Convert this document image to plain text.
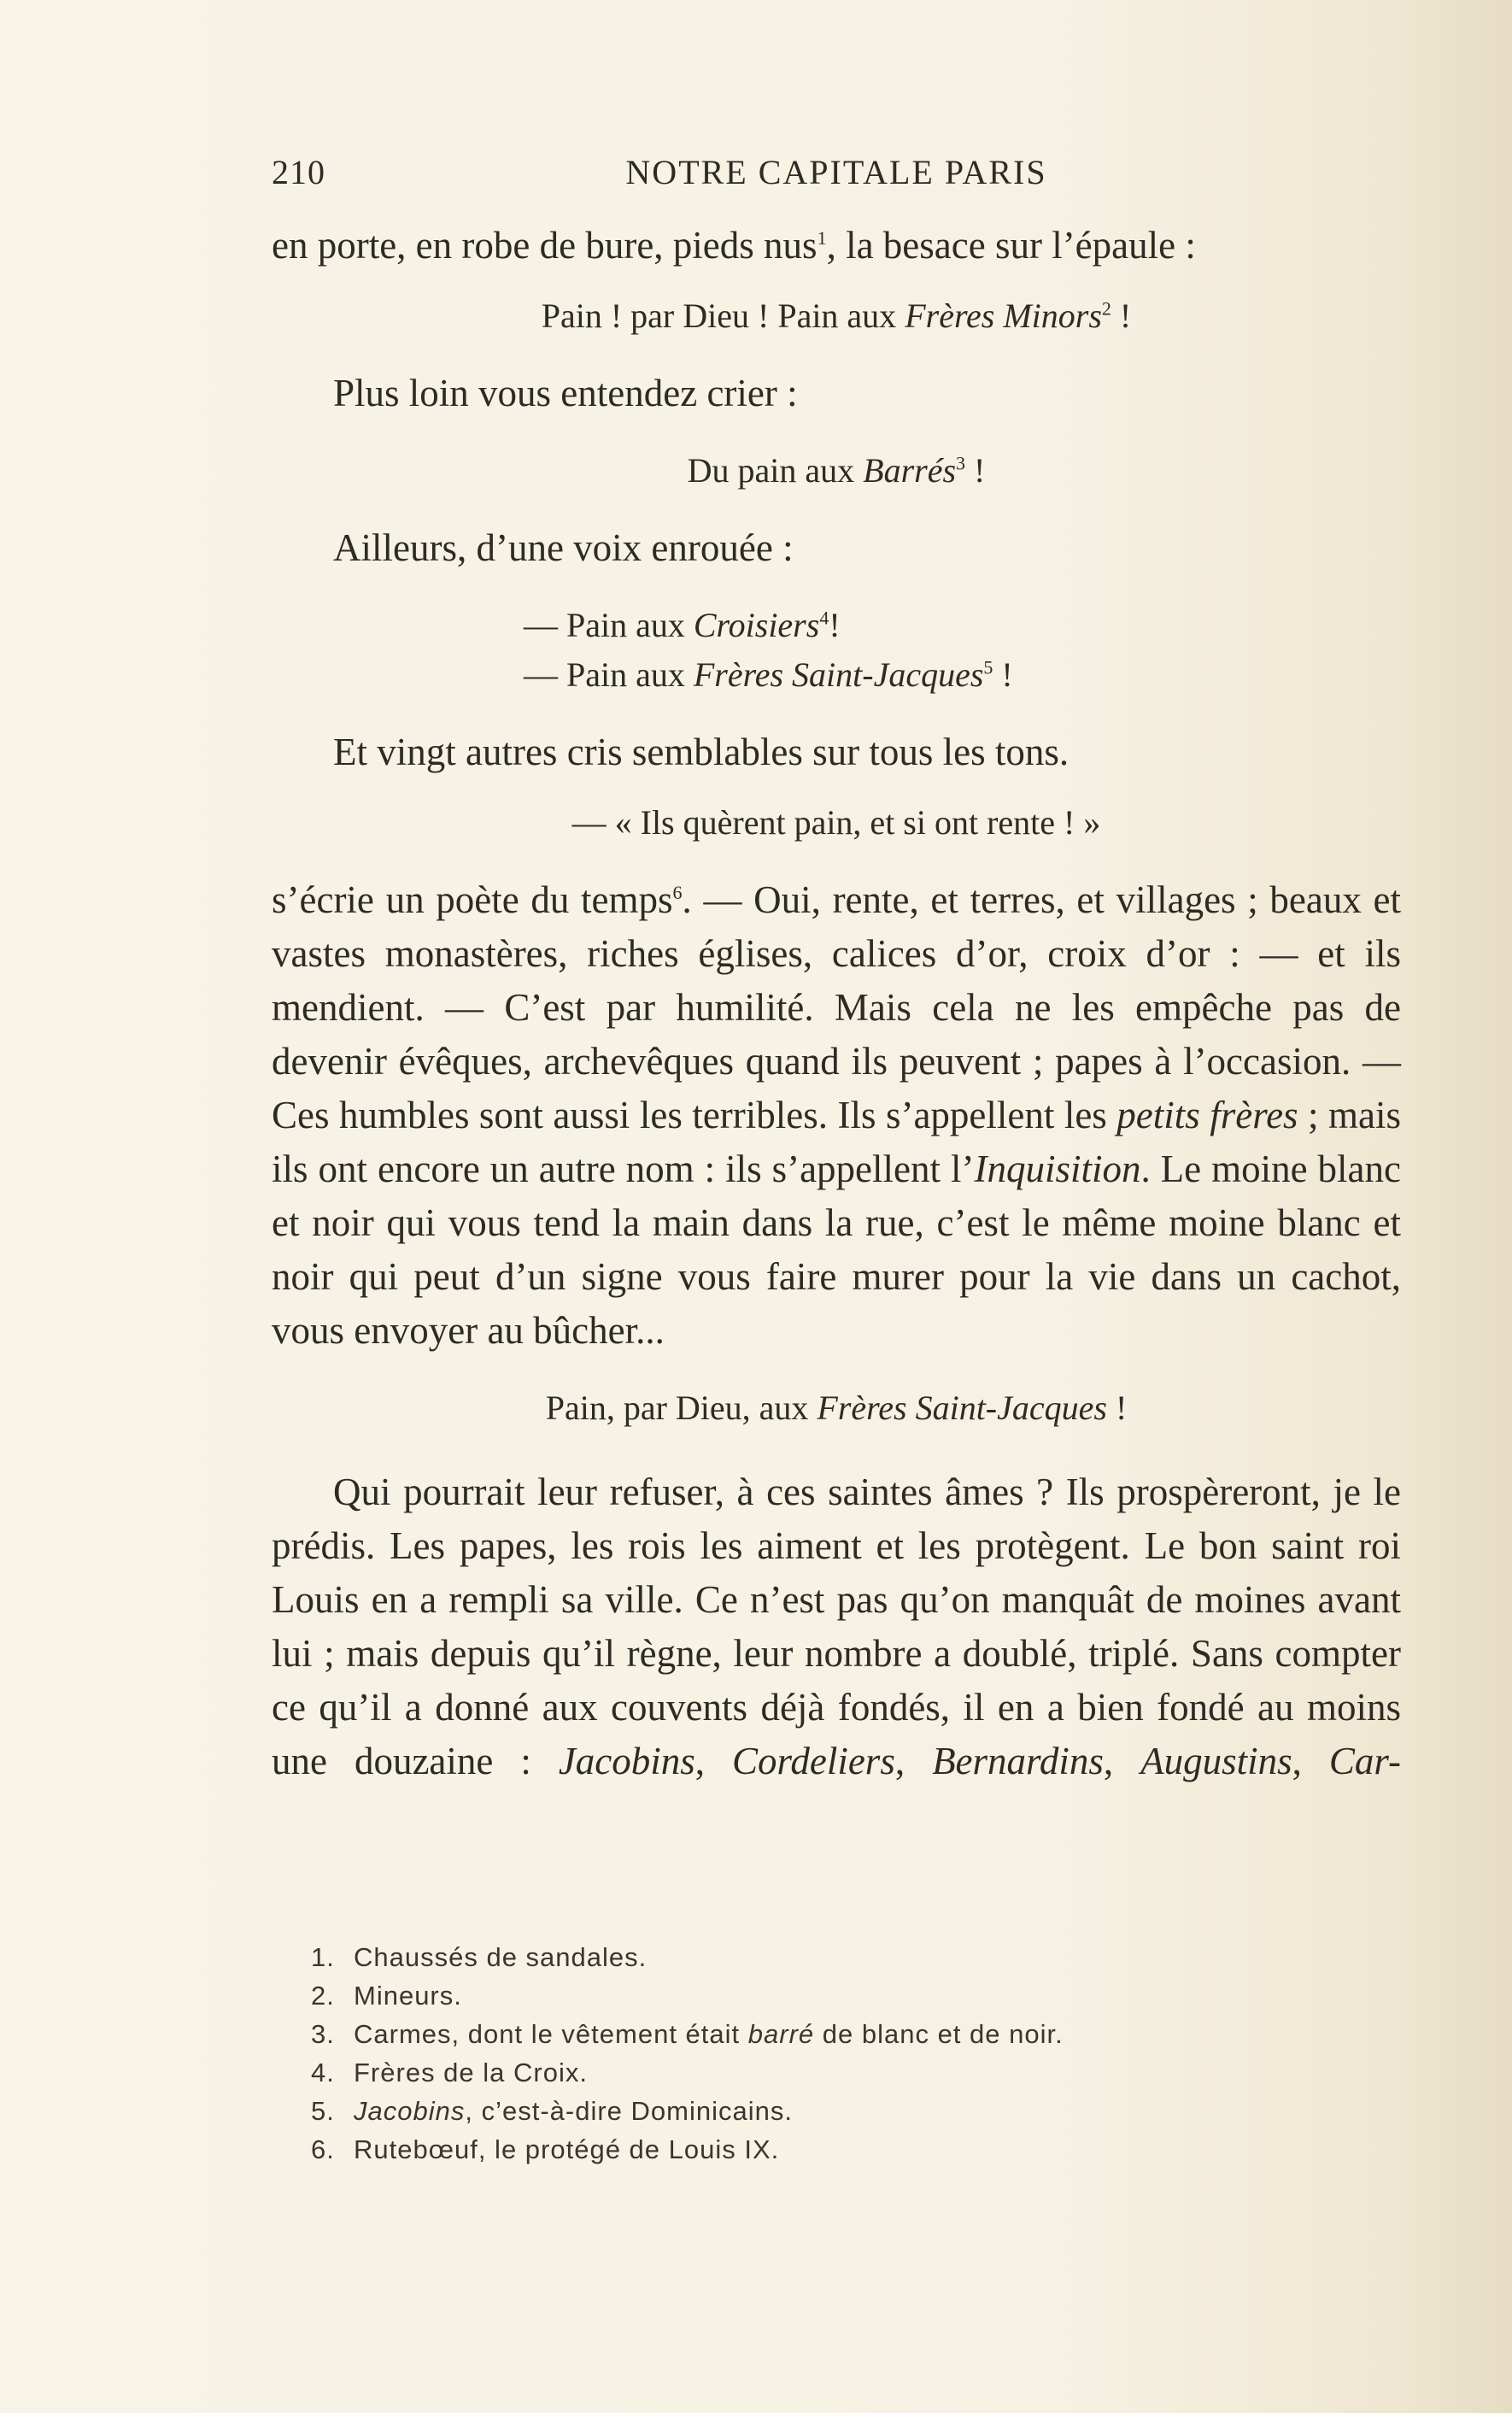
210	NOTRE CAPITALE PARIS

en porte, en robe de bure, pieds nus$^1$, la besace sur l’épaule :

Pain ! par Dieu ! Pain aux Frères Minors$^2$ !

Plus loin vous entendez crier :

Du pain aux Barrés$^3$ !

Ailleurs, d’une voix enrouée :

— Pain aux Croisiers$^4$!

— Pain aux Frères Saint-Jacques$^5$ !

Et vingt autres cris semblables sur tous les tons.

— « Ils quèrent pain, et si ont rente ! »

s’écrie un poète du temps$^6$. — Oui, rente, et terres, et villages ; beaux et vastes monastères, riches églises, calices d’or, croix d’or : — et ils mendient. — C’est par humilité. Mais cela ne les empêche pas de devenir évêques, archevêques quand ils peuvent ; papes à l’occasion. — Ces humbles sont aussi les terribles. Ils s’appellent les petits frères ; mais ils ont encore un autre nom : ils s’appellent l’Inquisition. Le moine blanc et noir qui vous tend la main dans la rue, c’est le même moine blanc et noir qui peut d’un signe vous faire murer pour la vie dans un cachot, vous envoyer au bûcher...

Pain, par Dieu, aux Frères Saint-Jacques !

Qui pourrait leur refuser, à ces saintes âmes ? Ils prospèreront, je le prédis. Les papes, les rois les aiment et les protègent. Le bon saint roi Louis en a rempli sa ville. Ce n’est pas qu’on manquât de moines avant lui ; mais depuis qu’il règne, leur nombre a doublé, triplé. Sans compter ce qu’il a donné aux couvents déjà fondés, il en a bien fondé au moins une douzaine : Jacobins, Cordeliers, Bernardins, Augustins, Car-

1. Chaussés de sandales.

2. Mineurs.

3. Carmes, dont le vêtement était barré de blanc et de noir.

4. Frères de la Croix.

5. Jacobins, c’est-à-dire Dominicains.

6. Rutebœuf, le protégé de Louis IX.
